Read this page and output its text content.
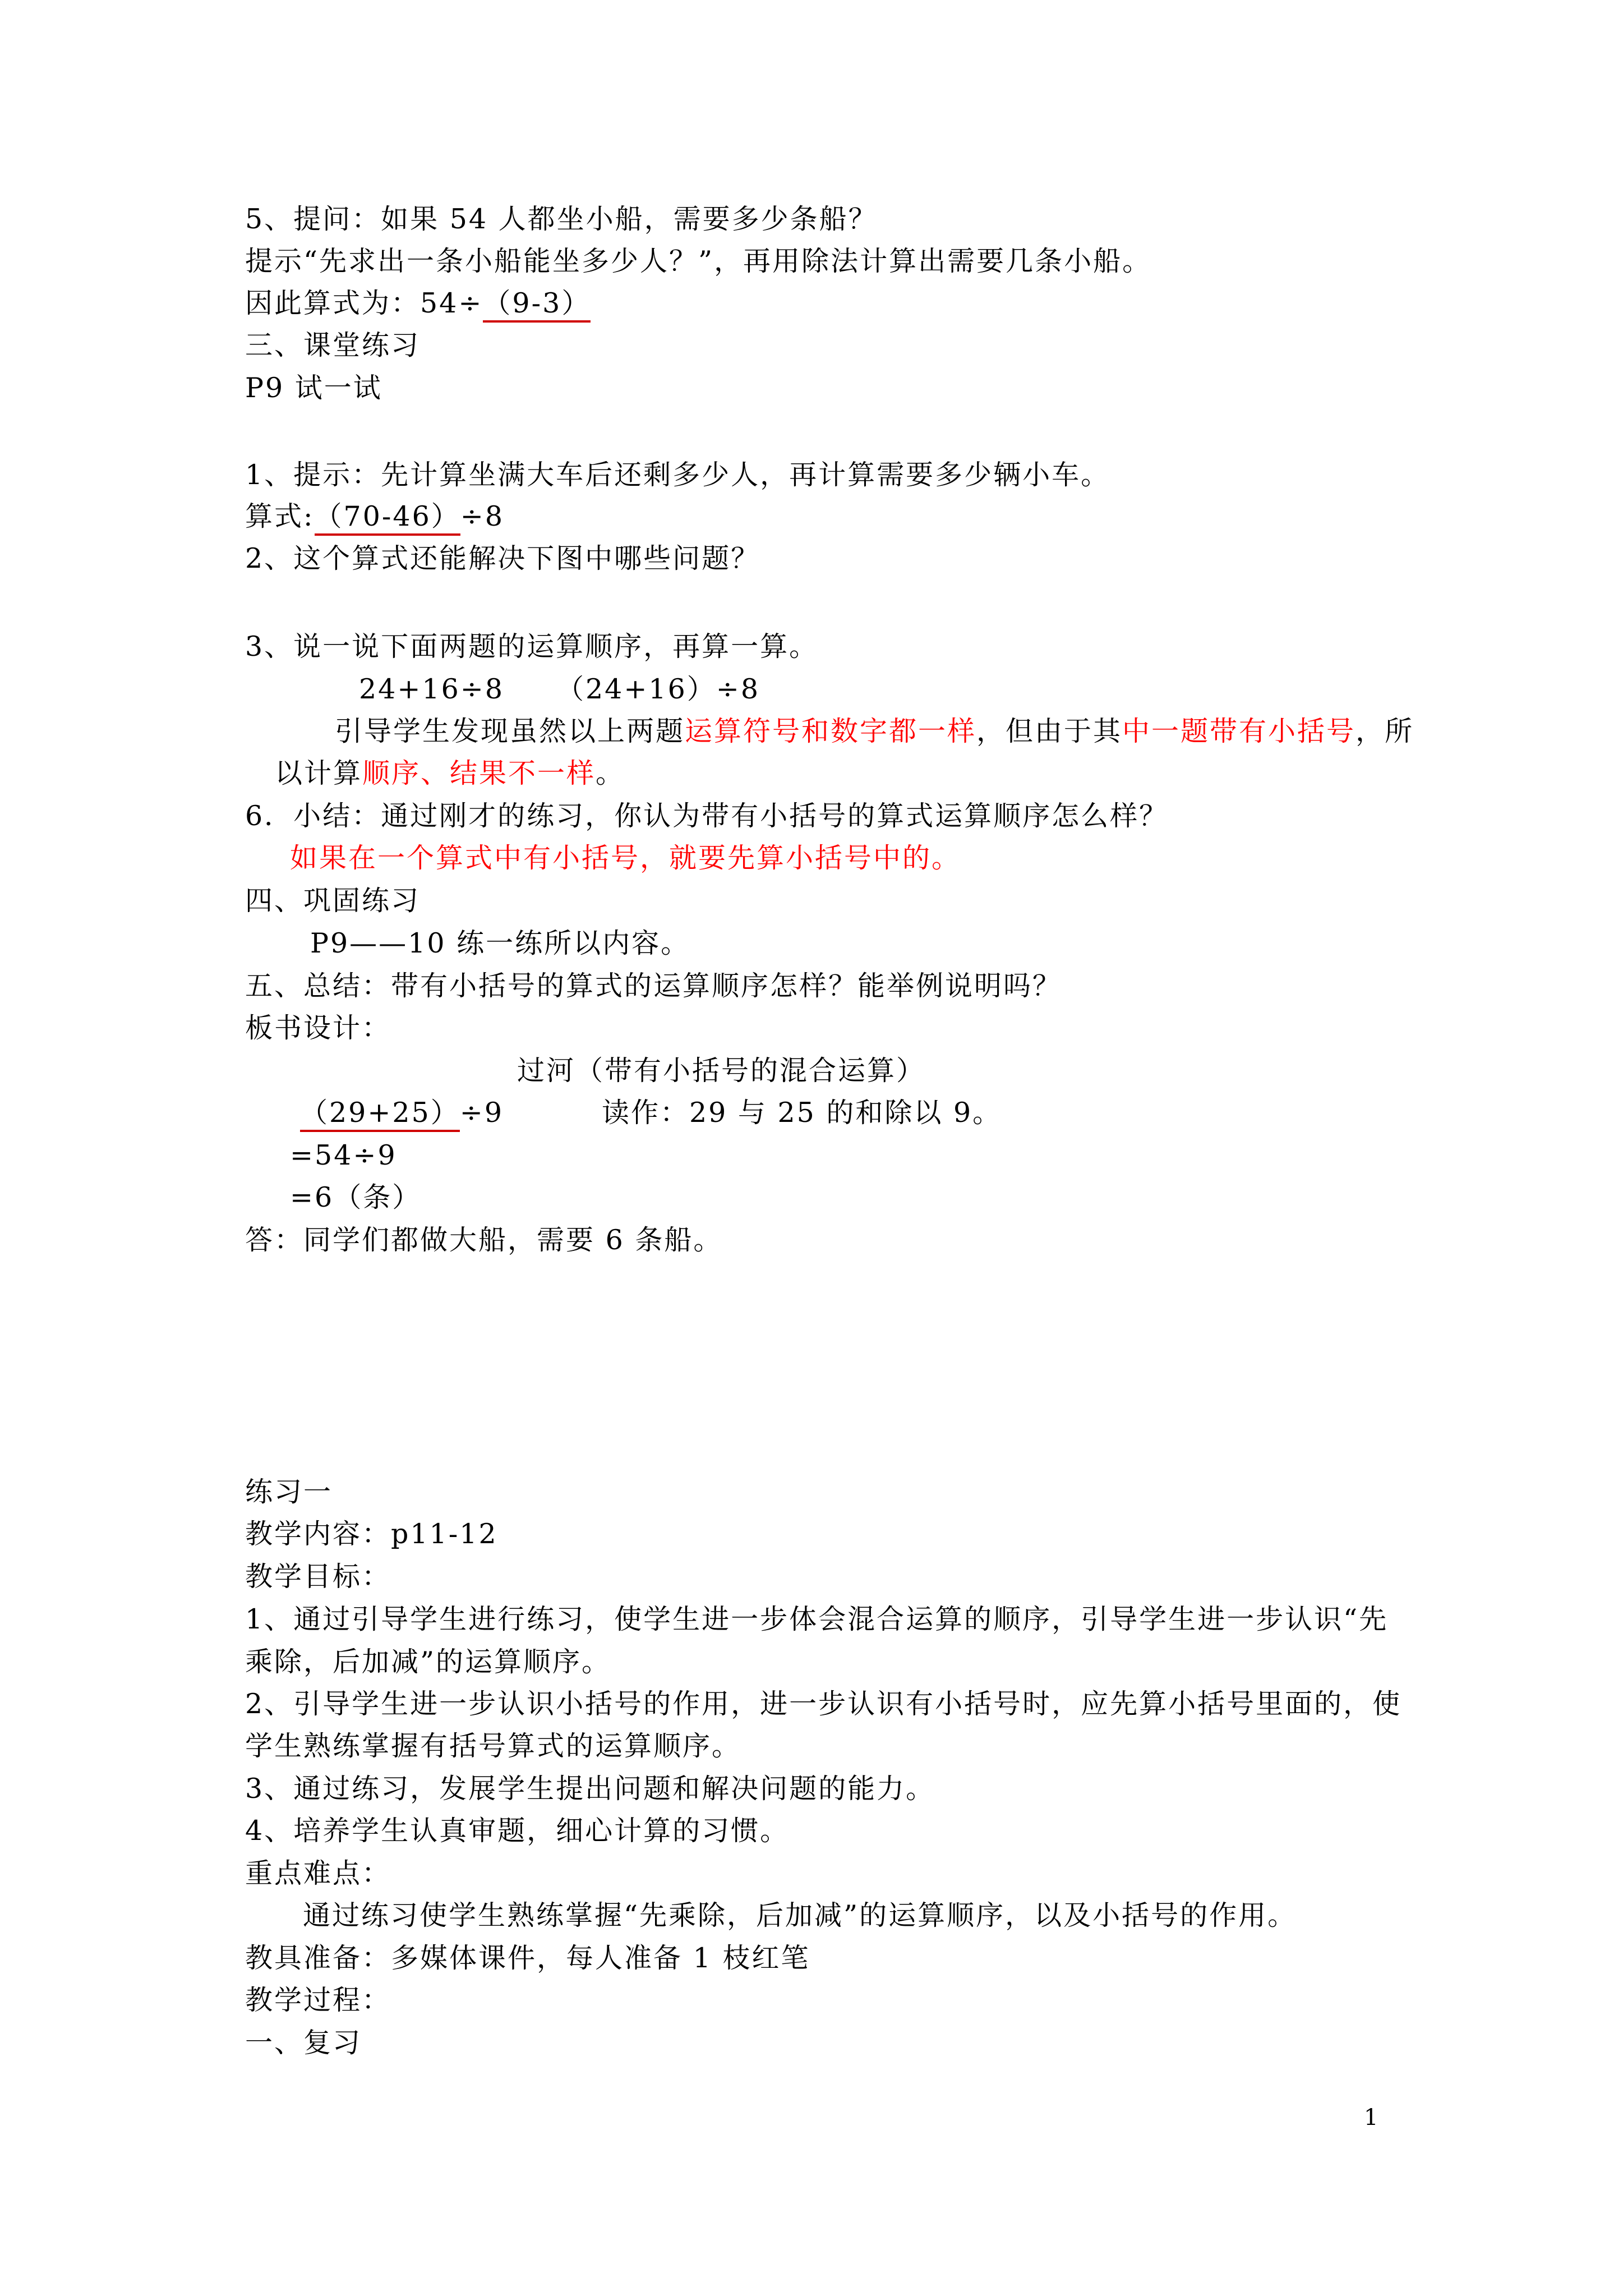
5、提问：如果 54 人都坐小船，需要多少条船？
提示“先求出一条小船能坐多少人？”，再用除法计算出需要几条小船。
因此算式为：54÷（9-3）
三、课堂练习
P9 试一试
1、提示：先计算坐满大车后还剩多少人，再计算需要多少辆小车。
算式:（70-46）÷8
2、这个算式还能解决下图中哪些问题？
3、说一说下面两题的运算顺序，再算一算。
24+16÷8 （24+16）÷8
引导学生发现虽然以上两题运算符号和数字都一样，但由于其中一题带有小括号，所
以计算顺序、结果不一样。
6．小结：通过刚才的练习，你认为带有小括号的算式运算顺序怎么样？
如果在一个算式中有小括号，就要先算小括号中的。
四、巩固练习
P9——10 练一练所以内容。
五、总结：带有小括号的算式的运算顺序怎样？能举例说明吗？
板书设计：
过河（带有小括号的混合运算）
（29+25）÷9	读作：29 与 25 的和除以 9。
=54÷9
=6（条）
答：同学们都做大船，需要 6 条船。
练习一
教学内容：p11-12
教学目标：
1、通过引导学生进行练习，使学生进一步体会混合运算的顺序，引导学生进一步认识“先
乘除，后加减”的运算顺序。
2、引导学生进一步认识小括号的作用，进一步认识有小括号时，应先算小括号里面的，使
学生熟练掌握有括号算式的运算顺序。
3、通过练习，发展学生提出问题和解决问题的能力。
4、培养学生认真审题，细心计算的习惯。
重点难点：
通过练习使学生熟练掌握“先乘除，后加减”的运算顺序，以及小括号的作用。
教具准备：多媒体课件，每人准备 1 枝红笔
教学过程：
一、复习
1
